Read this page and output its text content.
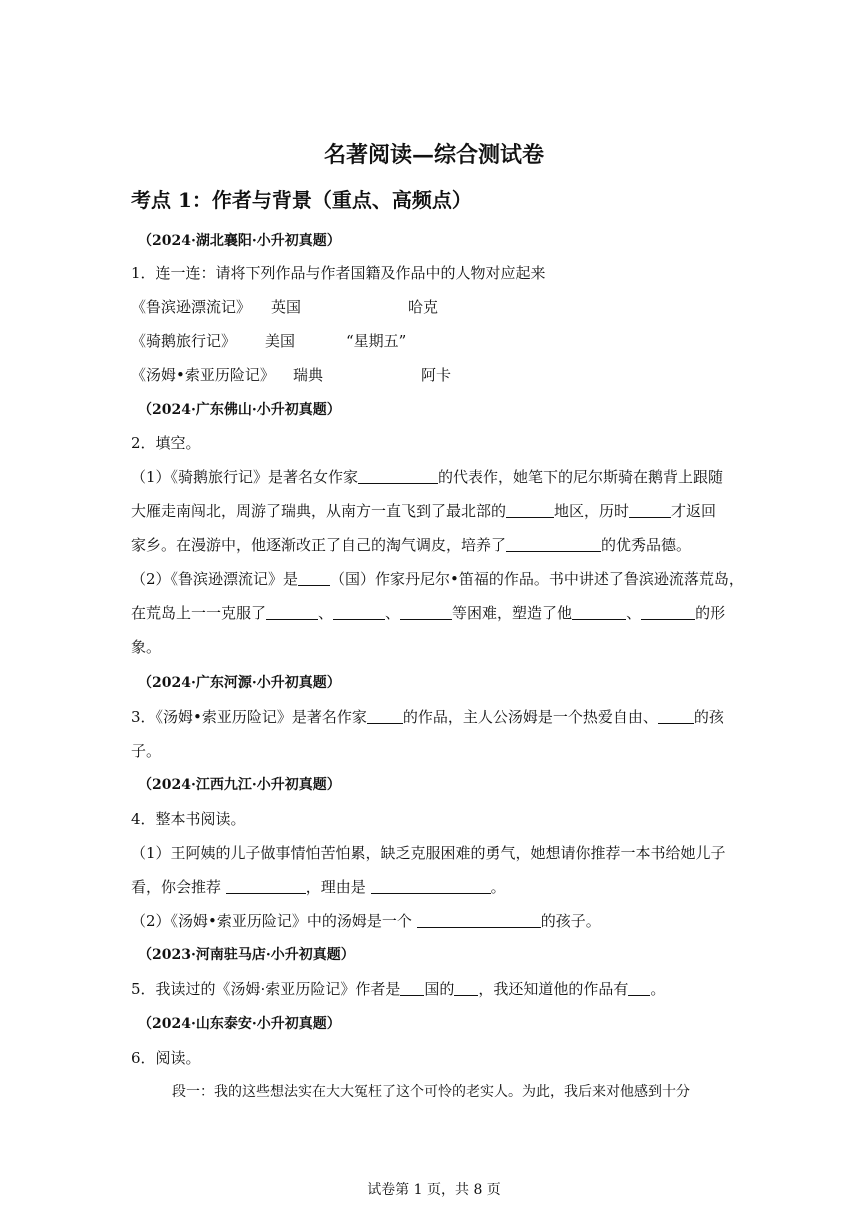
名著阅读—综合测试卷
考点 1：作者与背景（重点、高频点）
（2024·湖北襄阳·小升初真题）
1．连一连：请将下列作品与作者国籍及作品中的人物对应起来
《鲁滨逊漂流记》 英国	哈克
《骑鹅旅行记》 美国	“星期五”
《汤姆•索亚历险记》 瑞典	阿卡
（2024·广东佛山·小升初真题）
2．填空。
（1）《骑鹅旅行记》是著名女作家	的代表作，她笔下的尼尔斯骑在鹅背上跟随
大雁走南闯北，周游了瑞典，从南方一直飞到了最北部的	地区，历时	才返回
家乡。在漫游中，他逐渐改正了自己的淘气调皮，培养了	的优秀品德。
（2）《鲁滨逊漂流记》是 （国）作家丹尼尔•笛福的作品。书中讲述了鲁滨逊流落荒岛，
在荒岛上一一克服了	、	、	等困难，塑造了他	、	的形
象。
（2024·广东河源·小升初真题）
3．《汤姆•索亚历险记》是著名作家 的作品，主人公汤姆是一个热爱自由、 的孩
子。
（2024·江西九江·小升初真题）
4．整本书阅读。
（1）王阿姨的儿子做事情怕苦怕累，缺乏克服困难的勇气，她想请你推荐一本书给她儿子
看，你会推荐	，理由是	。
（2）《汤姆•索亚历险记》中的汤姆是一个	的孩子。
（2023·河南驻马店·小升初真题）
5．我读过的《汤姆·索亚历险记》作者是 国的 ，我还知道他的作品有 。
（2024·山东泰安·小升初真题）
6．阅读。
段一：我的这些想法实在大大冤枉了这个可怜的老实人。为此，我后来对他感到十分
试卷第 1 页，共 8 页
